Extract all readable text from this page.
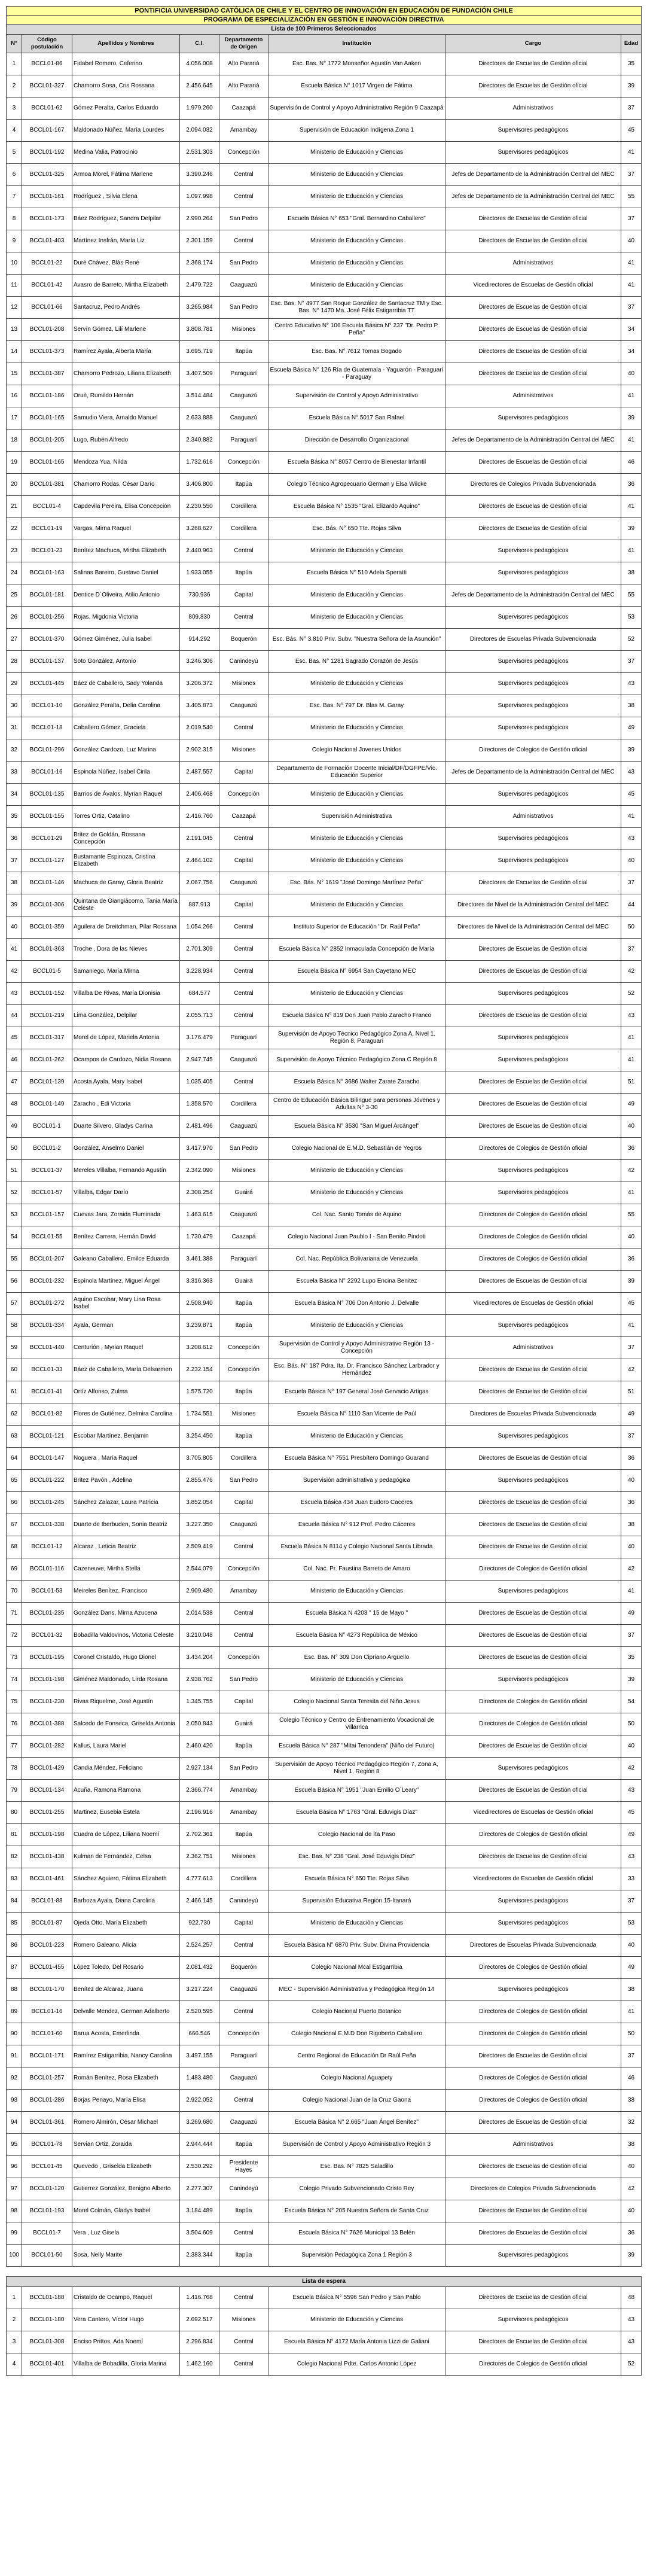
PONTIFICIA UNIVERSIDAD CATÓLICA DE CHILE Y EL CENTRO DE INNOVACIÓN EN EDUCACIÓN DE FUNDACIÓN CHILE							
PROGRAMA DE ESPECIALIZACIÓN EN GESTIÓN E INNOVACIÓN DIRECTIVA							
Lista de 100 Primeros Seleccionados							
N°	Código postulación	Apellidos y Nombres	C.I.	Departamento de Origen	Institución	Cargo	Edad
1	BCCL01-86	Fidabel Romero, Ceferino	4.056.008	Alto Paraná	Esc. Bas. N° 1772 Monseñor Agustín Van Aaken	Directores de Escuelas de Gestión oficial	35
2	BCCL01-327	Chamorro Sosa, Cris Rossana	2.456.645	Alto Paraná	Escuela Básica N° 1017 Virgen de Fátima	Directores de Escuelas de Gestión oficial	39
3	BCCL01-62	Gómez Peralta, Carlos Eduardo	1.979.260	Caazapá	Supervisión de Control y Apoyo Administrativo Región 9 Caazapá	Administrativos	37
4	BCCL01-167	Maldonado Núñez, María Lourdes	2.094.032	Amambay	Supervisión de Educación Indígena Zona 1	Supervisores pedagógicos	45
5	BCCL01-192	Medina Valia, Patrocinio	2.531.303	Concepción	Ministerio de Educación y Ciencias	Supervisores pedagógicos	41
6	BCCL01-325	Armoa Morel, Fátima Marlene	3.390.246	Central	Ministerio de Educación y Ciencias	Jefes de Departamento de la Administración Central del MEC	37
7	BCCL01-161	Rodríguez , Silvia Elena	1.097.998	Central	Ministerio de Educación y Ciencias	Jefes de Departamento de la Administración Central del MEC	55
8	BCCL01-173	Báez Rodríguez, Sandra Delpilar	2.990.264	San Pedro	Escuela Básica N° 653 "Gral. Bernardino Caballero"	Directores de Escuelas de Gestión oficial	37
9	BCCL01-403	Martínez Insfrán, María Liz	2.301.159	Central	Ministerio de Educación y Ciencias	Directores de Escuelas de Gestión oficial	40
10	BCCL01-22	Duré Chávez, Blás René	2.368.174	San Pedro	Ministerio de Educación y Ciencias	Administrativos	41
11	BCCL01-42	Avasro de Barreto, Mirtha Elizabeth	2.479.722	Caaguazú	Ministerio de Educación y Ciencias	Vicedirectores de Escuelas de Gestión oficial	41
12	BCCL01-66	Santacruz, Pedro Andrés	3.265.984	San Pedro	Esc. Bas. N° 4977 San Roque González de Santacruz TM y Esc. Bas. N° 1470 Ma. José Félix Estigarribia TT	Directores de Escuelas de Gestión oficial	37
13	BCCL01-208	Servín Gómez, Lilí Marlene	3.808.781	Misiones	Centro Educativo N° 106 Escuela Básica N° 237 "Dr. Pedro P. Peña"	Directores de Escuelas de Gestión oficial	34
14	BCCL01-373	Ramírez Ayala, Alberta María	3.695.719	Itapúa	Esc. Bas. N° 7612 Tomas Bogado	Directores de Escuelas de Gestión oficial	34
15	BCCL01-387	Chamorro Pedrozo, Liliana Elizabeth	3.407.509	Paraguarí	Escuela Básica N° 126 Ría de Guatemala - Yaguarón - Paraguarí - Paraguay	Directores de Escuelas de Gestión oficial	40
16	BCCL01-186	Oruè, Rumildo Hernán	3.514.484	Caaguazú	Supervisión de Control y Apoyo Administrativo	Administrativos	41
17	BCCL01-165	Samudio Viera, Arnaldo Manuel	2.633.888	Caaguazú	Escuela Básica N° 5017 San Rafael	Supervisores pedagógicos	39
18	BCCL01-205	Lugo, Rubén Alfredo	2.340.882	Paraguarí	Dirección de Desarrollo Organizacional	Jefes de Departamento de la Administración Central del MEC	41
19	BCCL01-165	Mendoza Yua, Nilda	1.732.616	Concepción	Escuela Básica N° 8057 Centro de Bienestar Infantil	Directores de Escuelas de Gestión oficial	46
20	BCCL01-381	Chamorro Rodas, César Darío	3.406.800	Itapúa	Colegio Técnico Agropecuario German y Elsa Wilcke	Directores de Colegios Privada Subvencionada	36
21	BCCL01-4	Capdevila Pereira, Elisa Concepción	2.230.550	Cordillera	Escuela Básica N° 1535 "Gral. Elizardo Aquino"	Directores de Escuelas de Gestión oficial	41
22	BCCL01-19	Vargas, Mirna Raquel	3.268.627	Cordillera	Esc. Bás. N° 650 Tte. Rojas Silva	Directores de Escuelas de Gestión oficial	39
23	BCCL01-23	Benítez Machuca, Mirtha Elizabeth	2.440.963	Central	Ministerio de Educación y Ciencias	Supervisores pedagógicos	41
24	BCCL01-163	Salinas Bareiro, Gustavo Daniel	1.933.055	Itapúa	Escuela Básica N° 510 Adela Speratti	Supervisores pedagógicos	38
25	BCCL01-181	Dentice D´Oliveira, Atilio Antonio	730.936	Capital	Ministerio de Educación y Ciencias	Jefes de Departamento de la Administración Central del MEC	55
26	BCCL01-256	Rojas, Migdonia Victoria	809.830	Central	Ministerio de Educación y Ciencias	Supervisores pedagógicos	53
27	BCCL01-370	Gómez Giménez, Julia Isabel	914.292	Boquerón	Esc. Bás. N° 3.810 Priv. Subv. "Nuestra Señora de la Asunción"	Directores de Escuelas Privada Subvencionada	52
28	BCCL01-137	Soto González, Antonio	3.246.306	Canindeyú	Esc. Bas. N° 1281 Sagrado Corazón de Jesús	Supervisores pedagógicos	37
29	BCCL01-445	Báez de Caballero, Sady Yolanda	3.206.372	Misiones	Ministerio de Educación y Ciencias	Supervisores pedagógicos	43
30	BCCL01-10	González Peralta, Delia Carolina	3.405.873	Caaguazú	Esc. Bas. N° 797 Dr. Blas M. Garay	Supervisores pedagógicos	38
31	BCCL01-18	Caballero Gómez, Graciela	2.019.540	Central	Ministerio de Educación y Ciencias	Supervisores pedagógicos	49
32	BCCL01-296	González Cardozo, Luz Marina	2.902.315	Misiones	Colegio Nacional Jovenes Unidos	Directores de Colegios de Gestión oficial	39
33	BCCL01-16	Espinola Núñez, Isabel Cirila	2.487.557	Capital	Departamento de Formación Docente Inicial/DF/DGFPE/Vic. Educación Superior	Jefes de Departamento de la Administración Central del MEC	43
34	BCCL01-135	Barrios de Ávalos, Myrian Raquel	2.406.468	Concepción	Ministerio de Educación y Ciencias	Supervisores pedagógicos	45
35	BCCL01-155	Torres Ortiz, Catalino	2.416.760	Caazapá	Supervisión Administrativa	Administrativos	41
36	BCCL01-29	Britez de Goldán, Rossana Concepción	2.191.045	Central	Ministerio de Educación y Ciencias	Supervisores pedagógicos	43
37	BCCL01-127	Bustamante Espinoza, Cristina Elizabeth	2.464.102	Capital	Ministerio de Educación y Ciencias	Supervisores pedagógicos	40
38	BCCL01-146	Machuca de Garay, Gloria Beatriz	2.067.756	Caaguazú	Esc. Bás. N° 1619 "José Domingo Martínez Peña"	Directores de Escuelas de Gestión oficial	37
39	BCCL01-306	Quintana de Giangiácomo, Tania María Celeste	887.913	Capital	Ministerio de Educación y Ciencias	Directores de Nivel de la Administración Central del MEC	44
40	BCCL01-359	Aguilera de Dreitchman, Pilar Rossana	1.054.266	Central	Instituto Superior de Educación "Dr. Raúl Peña"	Directores de Nivel de la Administración Central del MEC	50
41	BCCL01-363	Troche , Dora de las Nieves	2.701.309	Central	Escuela Básica N° 2852 Inmaculada Concepción de María	Directores de Escuelas de Gestión oficial	37
42	BCCL01-5	Samaniego, María Mirna	3.228.934	Central	Escuela Básica N° 6954 San Cayetano MEC	Directores de Escuelas de Gestión oficial	42
43	BCCL01-152	Villalba De Rivas, María Dionisia	684.577	Central	Ministerio de Educación y Ciencias	Supervisores pedagógicos	52
44	BCCL01-219	Lima González, Delpilar	2.055.713	Central	Escuela Básica N° 819 Don Juan Pablo Zaracho Franco	Directores de Escuelas de Gestión oficial	43
45	BCCL01-317	Morel de López, Mariela Antonia	3.176.479	Paraguarí	Supervisión de Apoyo Técnico Pedagógico Zona A, Nivel 1, Región 8, Paraguarí	Supervisores pedagógicos	41
46	BCCL01-262	Ocampos de Cardozo, Nidia Rosana	2.947.745	Caaguazú	Supervisión de Apoyo Técnico Pedagógico Zona C Región 8	Supervisores pedagógicos	41
47	BCCL01-139	Acosta Ayala, Mary Isabel	1.035.405	Central	Escuela Básica N° 3686 Walter Zarate Zaracho	Directores de Escuelas de Gestión oficial	51
48	BCCL01-149	Zaracho , Edi Victoria	1.358.570	Cordillera	Centro de Educación Básica Bilingue para personas Jóvenes y Adultas N° 3-30	Directores de Escuelas de Gestión oficial	49
49	BCCL01-1	Duarte Silvero, Gladys Carina	2.481.496	Caaguazú	Escuela Básica N° 3530 "San Miguel Arcángel"	Directores de Escuelas de Gestión oficial	40
50	BCCL01-2	González, Anselmo Daniel	3.417.970	San Pedro	Colegio Nacional de E.M.D. Sebastián de Yegros	Directores de Colegios de Gestión oficial	36
51	BCCL01-37	Mereles Villalba, Fernando Agustín	2.342.090	Misiones	Ministerio de Educación y Ciencias	Supervisores pedagógicos	42
52	BCCL01-57	Villalba, Edgar Darío	2.308.254	Guairá	Ministerio de Educación y Ciencias	Supervisores pedagógicos	41
53	BCCL01-157	Cuevas Jara, Zoraida Fluminada	1.463.615	Caaguazú	Col. Nac. Santo Tomás de Aquino	Directores de Colegios de Gestión oficial	55
54	BCCL01-55	Benítez Carrera, Hernán David	1.730.479	Caazapá	Colegio Nacional Juan Paublo I - San Benito Pindoti	Directores de Colegios de Gestión oficial	40
55	BCCL01-207	Galeano Caballero, Emilce Eduarda	3.461.388	Paraguarí	Col. Nac. República Bolivariana de Venezuela	Directores de Colegios de Gestión oficial	36
56	BCCL01-232	Espínola Martínez, Miguel Ángel	3.316.363	Guairá	Escuela Básica N° 2292 Lupo Encina Benitez	Directores de Escuelas de Gestión oficial	39
57	BCCL01-272	Aquino Escobar, Mary Lina Rosa Isabel	2.508.940	Itapúa	Escuela Básica N° 706 Don Antonio J. Delvalle	Vicedirectores de Escuelas de Gestión oficial	45
58	BCCL01-334	Ayala, German	3.239.871	Itapúa	Ministerio de Educación y Ciencias	Supervisores pedagógicos	41
59	BCCL01-440	Centurión , Myrian Raquel	3.208.612	Concepción	Supervisión de Control y Apoyo Administrativo Región 13 - Concepción	Administrativos	37
60	BCCL01-33	Báez de Caballero, María Delsarmen	2.232.154	Concepción	Esc. Bás. N° 187 Pdra. Ita. Dr. Francisco Sánchez Larbrador y Hernández	Directores de Escuelas de Gestión oficial	42
61	BCCL01-41	Ortíz Alfonso, Zulma	1.575.720	Itapúa	Escuela Básica N° 197 General José Gervacio Artigas	Directores de Escuelas de Gestión oficial	51
62	BCCL01-82	Flores de Gutiérrez, Delmira Carolina	1.734.551	Misiones	Escuela Básica N° 1110 San Vicente de Paúl	Directores de Escuelas Privada Subvencionada	49
63	BCCL01-121	Escobar Martínez, Benjamin	3.254.450	Itapúa	Ministerio de Educación y Ciencias	Supervisores pedagógicos	37
64	BCCL01-147	Noguera , María Raquel	3.705.805	Cordillera	Escuela Básica N° 7551 Presbítero Domingo Guarand	Directores de Escuelas de Gestión oficial	36
65	BCCL01-222	Britez Pavón , Adelina	2.855.476	San Pedro	Supervisión administrativa y pedagógica	Supervisores pedagógicos	40
66	BCCL01-245	Sánchez Zalazar, Laura Patricia	3.852.054	Capital	Escuela Básica 434 Juan Eudoro Caceres	Directores de Escuelas de Gestión oficial	36
67	BCCL01-338	Duarte de Iberbuden, Sonia Beatriz	3.227.350	Caaguazú	Escuela Básica N° 912 Prof. Pedro Cáceres	Directores de Escuelas de Gestión oficial	38
68	BCCL01-12	Alcaraz , Leticia Beatriz	2.509.419	Central	Escuela Básica N 8114 y Colegio Nacional Santa Librada	Directores de Escuelas de Gestión oficial	40
69	BCCL01-116	Cazeneuve, Mirtha Stella	2.544.079	Concepción	Col. Nac. Pr. Faustina Barreto de Amaro	Directores de Colegios de Gestión oficial	42
70	BCCL01-53	Meireles Benítez, Francisco	2.909.480	Amambay	Ministerio de Educación y Ciencias	Supervisores pedagógicos	41
71	BCCL01-235	González Dans, Mirna Azucena	2.014.538	Central	Escuela Básica N 4203 " 15 de Mayo "	Directores de Escuelas de Gestión oficial	49
72	BCCL01-32	Bobadilla Valdovinos, Victoria Celeste	3.210.048	Central	Escuela Básica N° 4273 República de México	Directores de Escuelas de Gestión oficial	37
73	BCCL01-195	Coronel Cristaldo, Hugo Dionel	3.434.204	Concepción	Esc. Bas. N° 309 Don Cipriano Argüello	Directores de Escuelas de Gestión oficial	35
74	BCCL01-198	Giménez Maldonado, Lirda Rosana	2.938.762	San Pedro	Ministerio de Educación y Ciencias	Supervisores pedagógicos	39
75	BCCL01-230	Rivas Riquelme, José Agustín	1.345.755	Capital	Colegio Nacional Santa Teresita del Niño Jesus	Directores de Colegios de Gestión oficial	54
76	BCCL01-388	Salcedo de Fonseca, Griselda Antonia	2.050.843	Guairá	Colegio Técnico y Centro de Entrenamiento Vocacional de Villarrica	Directores de Colegios de Gestión oficial	50
77	BCCL01-282	Kallus, Laura Mariel	2.460.420	Itapúa	Escuela Básica N° 287 "Mitai Tenondera" (Niño del Futuro)	Directores de Escuelas de Gestión oficial	40
78	BCCL01-429	Candia Méndez, Feliciano	2.927.134	San Pedro	Supervisión de Apoyo Técnico Pedagógico Región 7, Zona A, Nivel 1, Región 8	Supervisores pedagógicos	42
79	BCCL01-134	Acuña, Ramona Ramona	2.366.774	Amambay	Escuela Básica N° 1951 "Juan Emilio O´Leary"	Directores de Escuelas de Gestión oficial	43
80	BCCL01-255	Martinez, Eusebia Estela	2.196.916	Amambay	Escuela Básica N° 1763 "Gral. Eduvigis Díaz"	Vicedirectores de Escuelas de Gestión oficial	45
81	BCCL01-198	Cuadra de López, Liliana Noemí	2.702.361	Itapúa	Colegio Nacional de Ita Paso	Directores de Colegios de Gestión oficial	49
82	BCCL01-438	Kulman de Fernández, Celsa	2.362.751	Misiones	Esc. Bas. N° 238 "Gral. José Eduvigis Díaz"	Directores de Escuelas de Gestión oficial	43
83	BCCL01-461	Sánchez Aguiero, Fátima Elizabeth	4.777.613	Cordillera	Escuela Básica N° 650 Tte. Rojas Silva	Vicedirectores de Escuelas de Gestión oficial	33
84	BCCL01-88	Barboza Ayala, Diana Carolina	2.466.145	Canindeyú	Supervisión Educativa Región 15-Itanará	Supervisores pedagógicos	37
85	BCCL01-87	Ojeda Otto, María Elizabeth	922.730	Capital	Ministerio de Educación y Ciencias	Supervisores pedagógicos	53
86	BCCL01-223	Romero Galeano, Alicia	2.524.257	Central	Escuela Básica N° 6870 Priv. Subv. Divina Providencia	Directores de Escuelas Privada Subvencionada	40
87	BCCL01-455	López Toledo, Del Rosario	2.081.432	Boquerón	Colegio Nacional Mcal Estigarribia	Directores de Colegios de Gestión oficial	49
88	BCCL01-170	Benítez de Alcaraz, Juana	3.217.224	Caaguazú	MEC - Supervisión Administrativa y Pedagógica Región 14	Supervisores pedagógicos	38
89	BCCL01-16	Delvalle Mendez, German Adalberto	2.520.595	Central	Colegio Nacional Puerto Botanico	Directores de Colegios de Gestión oficial	41
90	BCCL01-60	Barua Acosta, Emerlinda	666.546	Concepción	Colegio Nacional E.M.D Don Rigoberto Caballero	Directores de Colegios de Gestión oficial	50
91	BCCL01-171	Ramírez Estigarribia, Nancy Carolina	3.497.155	Paraguarí	Centro Regional de Educación Dr Raúl Peña	Directores de Escuelas de Gestión oficial	37
92	BCCL01-257	Román Benítez, Rosa Elizabeth	1.483.480	Caaguazú	Colegio Nacional Aguapety	Directores de Colegios de Gestión oficial	46
93	BCCL01-286	Borjas Penayo, María Elisa	2.922.052	Central	Colegio Nacional Juan de la Cruz Gaona	Directores de Colegios de Gestión oficial	38
94	BCCL01-361	Romero Almirón, César Michael	3.269.680	Caaguazú	Escuela Básica N° 2.665 "Juan Ángel Benítez"	Directores de Escuelas de Gestión oficial	32
95	BCCL01-78	Servian Ortiz, Zoraida	2.944.444	Itapúa	Supervisión de Control y Apoyo Administrativo Región 3	Administrativos	38
96	BCCL01-45	Quevedo , Griselda Elizabeth	2.530.292	Presidente Hayes	Esc. Bas. N° 7825 Saladillo	Directores de Escuelas de Gestión oficial	40
97	BCCL01-120	Gutierrez González, Benigno Alberto	2.277.307	Canindeyú	Colegio Privado Subvencionado Cristo Rey	Directores de Colegios Privada Subvencionada	42
98	BCCL01-193	Morel Colmán, Gladys Isabel	3.184.489	Itapúa	Escuela Básica N° 205 Nuestra Señora de Santa Cruz	Directores de Escuelas de Gestión oficial	40
99	BCCL01-7	Vera , Luz Gisela	3.504.609	Central	Escuela Básica N° 7626 Municipal 13 Belén	Directores de Escuelas de Gestión oficial	36
100	BCCL01-50	Sosa, Nelly Marite	2.383.344	Itapúa	Supervisión Pedagógica Zona 1 Región 3	Supervisores pedagógicos	39

Lista de espera							
1	BCCL01-188	Cristaldo de Ocampo, Raquel	1.416.768	Central	Escuela Básica N° 5596 San Pedro y San Pablo	Directores de Escuelas de Gestión oficial	48
2	BCCL01-180	Vera Cantero, Víctor Hugo	2.692.517	Misiones	Ministerio de Educación y Ciencias	Supervisores pedagógicos	43
3	BCCL01-308	Enciso Prittos, Ada Noemí	2.296.834	Central	Escuela Básica N° 4172 María Antonia Lizzi de Galiani	Directores de Escuelas de Gestión oficial	43
4	BCCL01-401	Villalba de Bobadilla, Gloria Marina	1.462.160	Central	Colegio Nacional Pdte. Carlos Antonio López	Directores de Colegios de Gestión oficial	52
